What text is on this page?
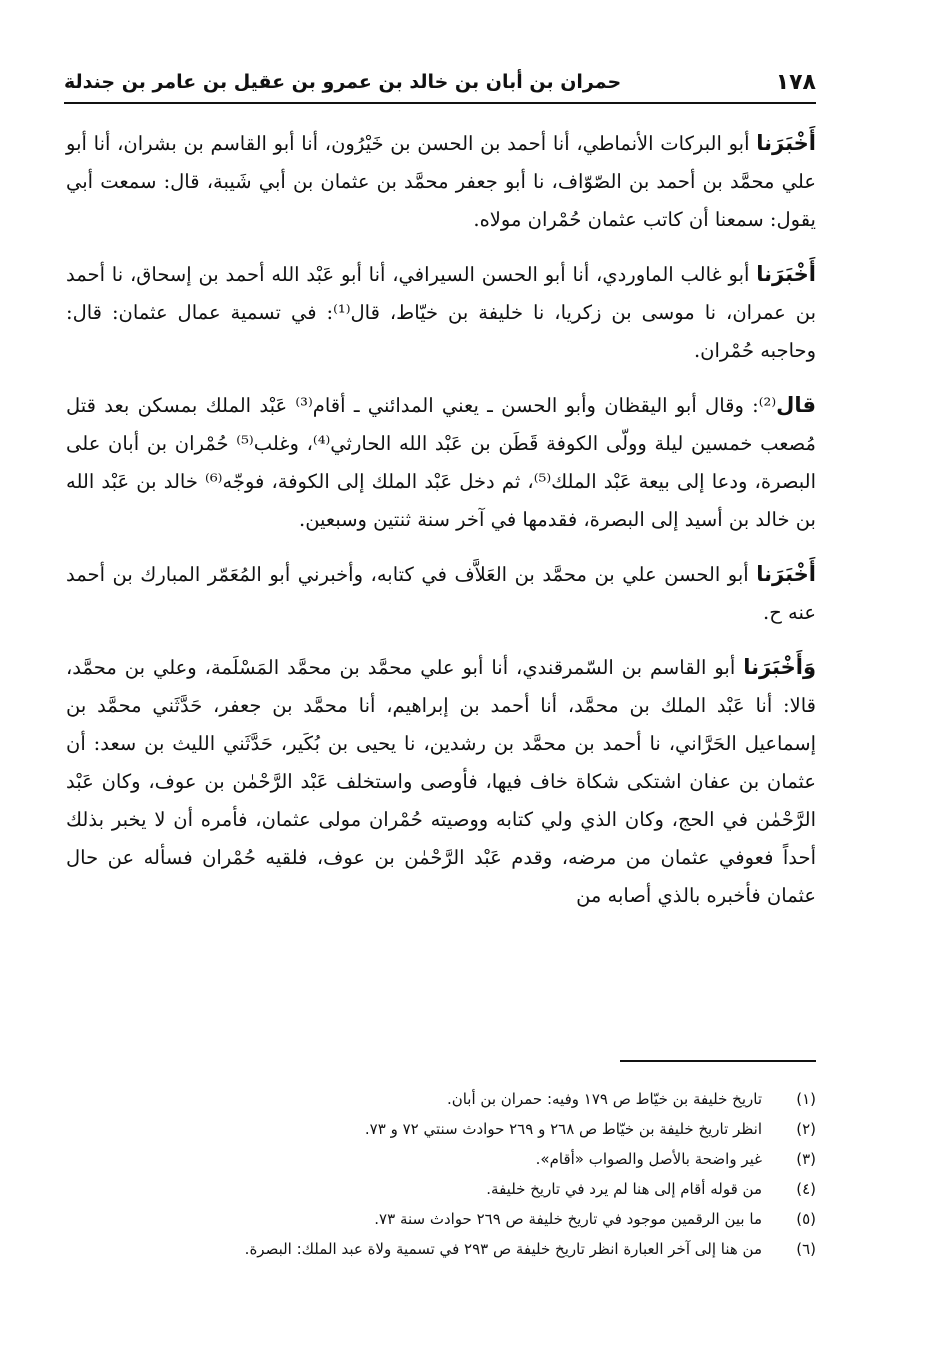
١٧٨
حمران بن أبان بن خالد بن عمرو بن عقيل بن عامر بن جندلة

أَخْبَرَنا أبو البركات الأنماطي، أنا أحمد بن الحسن بن خَيْرُون، أنا أبو القاسم بن بشران، أنا أبو علي محمَّد بن أحمد بن الصّوّاف، نا أبو جعفر محمَّد بن عثمان بن أبي شَيبة، قال: سمعت أبي يقول: سمعنا أن كاتب عثمان حُمْران مولاه.

أَخْبَرَنا أبو غالب الماوردي، أنا أبو الحسن السيرافي، أنا أبو عَبْد الله أحمد بن إسحاق، نا أحمد بن عمران، نا موسى بن زكريا، نا خليفة بن خيّاط، قال⁽¹⁾: في تسمية عمال عثمان: قال: وحاجبه حُمْران.

قال⁽²⁾: وقال أبو اليقظان وأبو الحسن ـ يعني المدائني ـ أقام⁽³⁾ عَبْد الملك بمسكن بعد قتل مُصعب خمسين ليلة وولّى الكوفة قَطَن بن عَبْد الله الحارثي⁽⁴⁾، وغلب⁽⁵⁾ حُمْران بن أبان على البصرة، ودعا إلى بيعة عَبْد الملك⁽⁵⁾، ثم دخل عَبْد الملك إلى الكوفة، فوجّه⁽⁶⁾ خالد بن عَبْد الله بن خالد بن أسيد إلى البصرة، فقدمها في آخر سنة ثنتين وسبعين.

أَخْبَرَنا أبو الحسن علي بن محمَّد بن العَلاَّف في كتابه، وأخبرني أبو المُعَمّر المبارك بن أحمد عنه ح.

وَأَخْبَرَنا أبو القاسم بن السّمرقندي، أنا أبو علي محمَّد بن محمَّد المَسْلَمة، وعلي بن محمَّد، قالا: أنا عَبْد الملك بن محمَّد، أنا أحمد بن إبراهيم، أنا محمَّد بن جعفر، حَدَّثَني محمَّد بن إسماعيل الحَرَّاني، نا أحمد بن محمَّد بن رشدين، نا يحيى بن بُكَير، حَدَّثَني الليث بن سعد: أن عثمان بن عفان اشتكى شكاة خاف فيها، فأوصى واستخلف عَبْد الرَّحْمٰن بن عوف، وكان عَبْد الرَّحْمٰن في الحج، وكان الذي ولي كتابه ووصيته حُمْران مولى عثمان، فأمره أن لا يخبر بذلك أحداً فعوفي عثمان من مرضه، وقدم عَبْد الرَّحْمٰن بن عوف، فلقيه حُمْران فسأله عن حال عثمان فأخبره بالذي أصابه من

(١)
تاريخ خليفة بن خيّاط ص ١٧٩ وفيه: حمران بن أبان.
(٢)
انظر تاريخ خليفة بن خيّاط ص ٢٦٨ و ٢٦٩ حوادث سنتي ٧٢ و ٧٣.
(٣)
غير واضحة بالأصل والصواب «أقام».
(٤)
من قوله أقام إلى هنا لم يرد في تاريخ خليفة.
(٥)
ما بين الرقمين موجود في تاريخ خليفة ص ٢٦٩ حوادث سنة ٧٣.
(٦)
من هنا إلى آخر العبارة انظر تاريخ خليفة ص ٢٩٣ في تسمية ولاة عبد الملك: البصرة.
